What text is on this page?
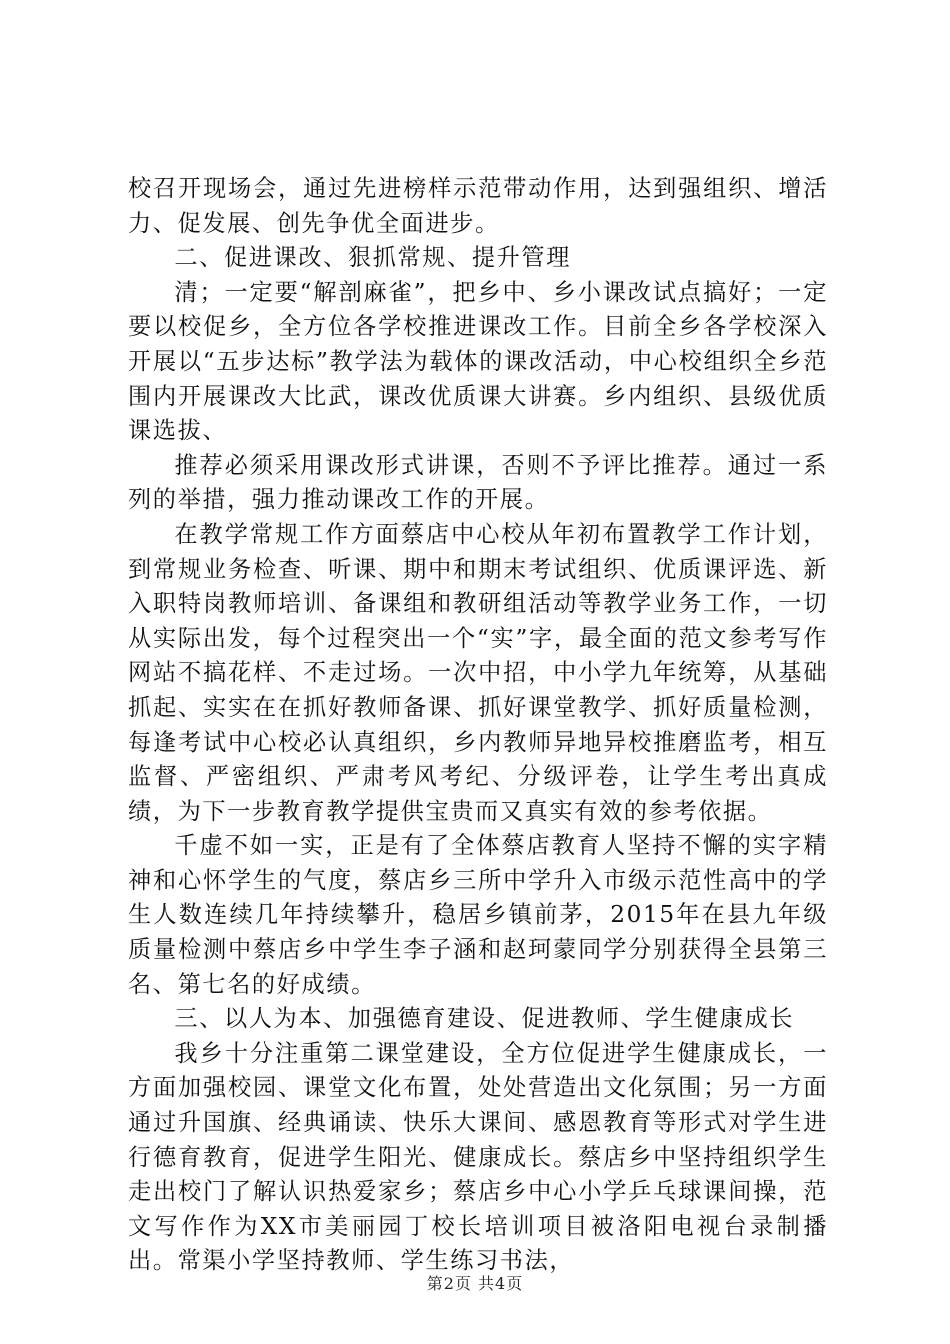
校召开现场会，通过先进榜样示范带动作用，达到强组织、增活力、促发展、创先争优全面进步。

二、促进课改、狠抓常规、提升管理

清；一定要“解剖麻雀”，把乡中、乡小课改试点搞好；一定要以校促乡，全方位各学校推进课改工作。目前全乡各学校深入开展以“五步达标”教学法为载体的课改活动，中心校组织全乡范围内开展课改大比武，课改优质课大讲赛。乡内组织、县级优质课选拔、

推荐必须采用课改形式讲课，否则不予评比推荐。通过一系列的举措，强力推动课改工作的开展。

在教学常规工作方面蔡店中心校从年初布置教学工作计划，到常规业务检查、听课、期中和期末考试组织、优质课评选、新入职特岗教师培训、备课组和教研组活动等教学业务工作，一切从实际出发，每个过程突出一个“实”字，最全面的范文参考写作网站不搞花样、不走过场。一次中招，中小学九年统筹，从基础抓起、实实在在抓好教师备课、抓好课堂教学、抓好质量检测，每逢考试中心校必认真组织，乡内教师异地异校推磨监考，相互监督、严密组织、严肃考风考纪、分级评卷，让学生考出真成绩，为下一步教育教学提供宝贵而又真实有效的参考依据。

千虚不如一实，正是有了全体蔡店教育人坚持不懈的实字精神和心怀学生的气度，蔡店乡三所中学升入市级示范性高中的学生人数连续几年持续攀升，稳居乡镇前茅，2015年在县九年级质量检测中蔡店乡中学生李子涵和赵珂蒙同学分别获得全县第三名、第七名的好成绩。

三、以人为本、加强德育建设、促进教师、学生健康成长

我乡十分注重第二课堂建设，全方位促进学生健康成长，一方面加强校园、课堂文化布置，处处营造出文化氛围；另一方面通过升国旗、经典诵读、快乐大课间、感恩教育等形式对学生进行德育教育，促进学生阳光、健康成长。蔡店乡中坚持组织学生走出校门了解认识热爱家乡；蔡店乡中心小学乒乓球课间操，范文写作作为XX市美丽园丁校长培训项目被洛阳电视台录制播出。常渠小学坚持教师、学生练习书法，

第2页 共4页
